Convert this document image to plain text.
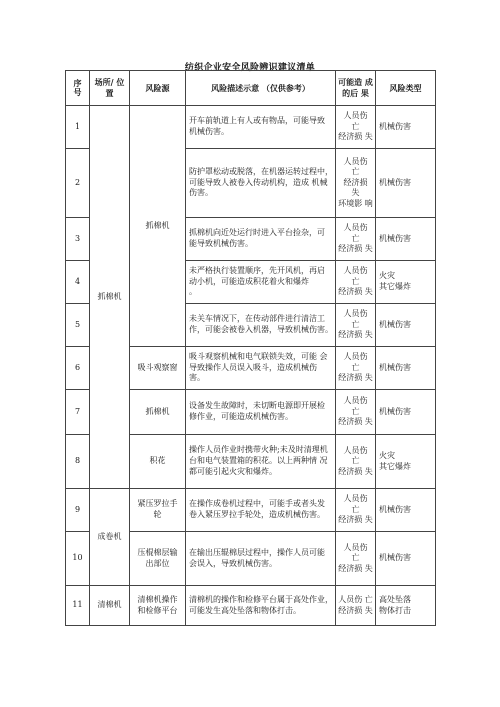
纺织企业安全风险辨识建议清单
序
号	场所/ 位置	风险源	风险描述示意 （仅供参考）	可能造 成的后 果	风险类型
1	抓棉机	抓棉机	开车前轨道上有人或有物品，可能导致 机械伤害。	人员伤
亡
经济损 失	机械伤害
2			防护罩松动或脱落，在机器运转过程中，可能导致人被卷入传动机构，造成 机械伤害。	人员伤
亡
经济损
失
环境影 响	机械伤害
3			抓棉机向近处运行时进入平台捡杂，可 能导致机械伤害。	人员伤
亡
经济损 失	机械伤害
4			未严格执行装置顺序，先开风机，再启 动小机，可能造成积花着火和爆炸
。	人员伤
亡
经济损 失	火灾
其它爆炸
5			未关车情况下，在传动部件进行清洁工 作，可能会被卷入机器，导致机械伤害。	人员伤
亡
经济损 失	机械伤害
6		吸斗观察窗	吸斗观察机械和电气联锁失效，可能 会导致操作人员误入吸斗，造成机械伤 害。	人员伤
亡
经济损 失	机械伤害
7		抓棉机	设备发生故障时，未切断电源即开展检 修作业，可能造成机械伤害。	人员伤
亡
经济损 失	机械伤害
8		积花	操作人员作业时携带火种;未及时清理机台和电气装置箱的积花。以上两种情 况都可能引起火灾和爆炸。	人员伤
亡
经济损 失	火灾
其它爆炸
9	成卷机	紧压罗拉手
轮	在操作成卷机过程中，可能手或者头发 卷入紧压罗拉手轮处，造成机械伤害。	人员伤
亡
经济损 失	机械伤害
10		压棍棉层输
出部位	在输出压辊棉层过程中，操作人员可能 会误入，导致机械伤害。	人员伤
亡
经济损 失	机械伤害
11	清棉机	清棉机操作
和检修平台	清棉机的操作和检修平台属于高处作业，可能发生高处坠落和物体打击。	人员伤 亡
经济损 失	高处坠落
物体打击
